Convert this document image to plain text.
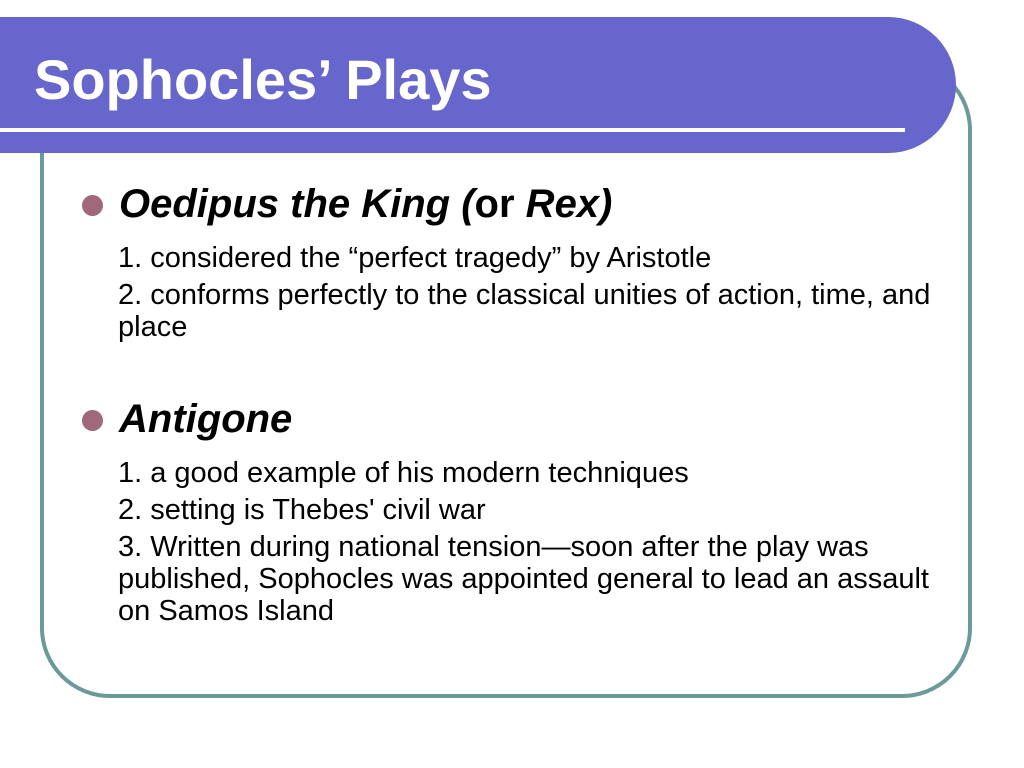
Sophocles’ Plays
Oedipus the King (or Rex)
1. considered the “perfect tragedy” by Aristotle
2. conforms perfectly to the classical unities of action, time, and place
Antigone
1. a good example of his modern techniques
2. setting is Thebes' civil war
3. Written during national tension—soon after the play was published, Sophocles was appointed general to lead an assault on Samos Island
